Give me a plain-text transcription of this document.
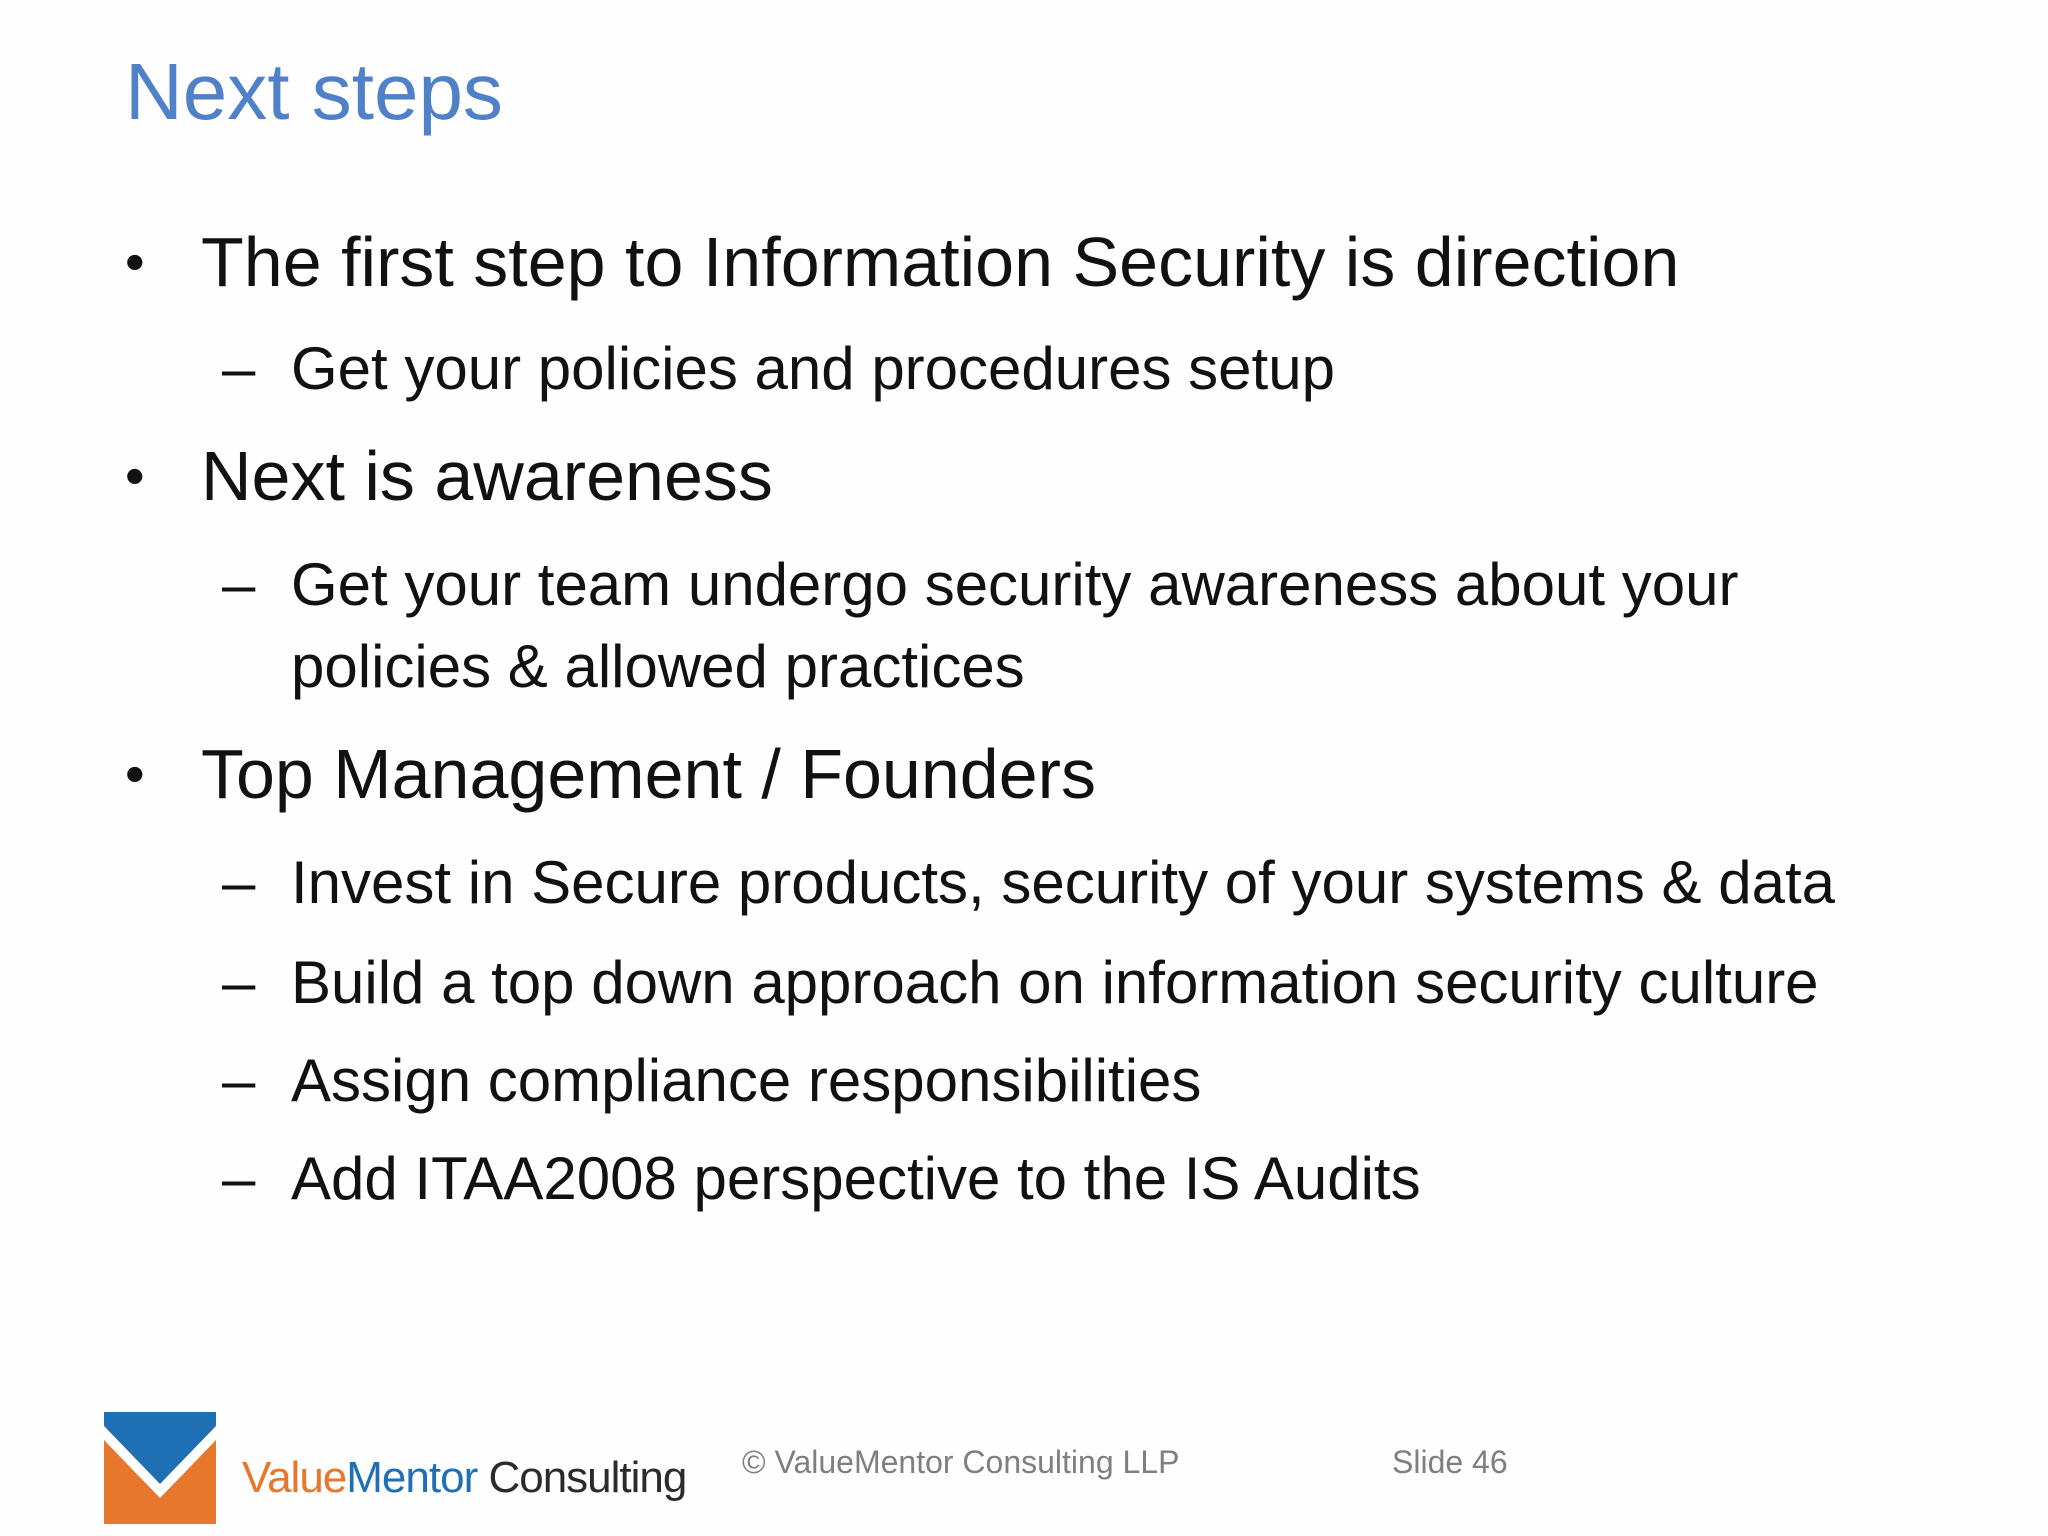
Next steps
• The first step to Information Security is direction
– Get your policies and procedures setup
• Next is awareness
– Get your team undergo security awareness about your policies & allowed practices
• Top Management / Founders
– Invest in Secure products, security of your systems & data
– Build a top down approach on information security culture
– Assign compliance responsibilities
– Add ITAA2008 perspective to the IS Audits
ValueMentor Consulting © ValueMentor Consulting LLP	Slide 46
